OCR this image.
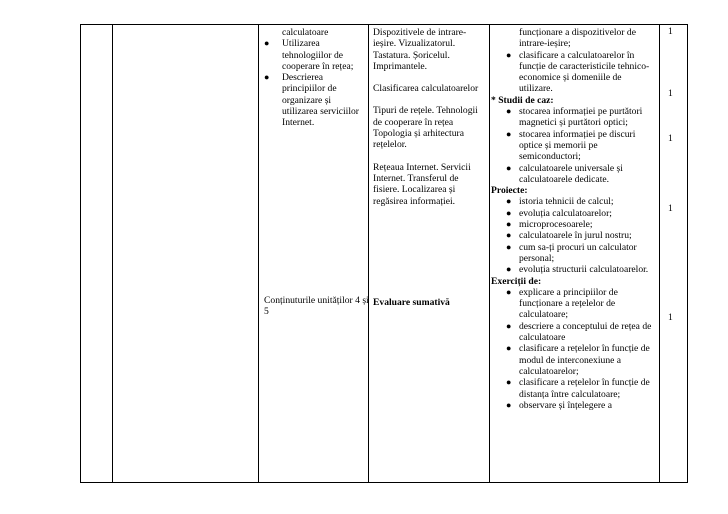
calculatoare
● Utilizarea tehnologiilor de cooperare în rețea;
● Descrierea principiilor de organizare și utilizarea serviciilor Internet.
Conținuturile unităților 4 și 5

Dispozitivele de intrare-ieșire. Vizualizatorul. Tastatura. Șoricelul. Imprimantele.

Clasificarea calculatoarelor

Tipuri de rețele. Tehnologii de cooperare în rețea Topologia și arhitectura rețelelor.

Rețeaua Internet. Servicii Internet. Transferul de fisiere. Localizarea și regăsirea informației.

Evaluare sumativă

funcționare a dispozitivelor de intrare-ieșire;
● clasificare a calculatoarelor în funcție de caracteristicile tehnico-economice și domeniile de utilizare.
* Studii de caz:
● stocarea informației pe purtători magnetici și purtători optici;
● stocarea informației pe discuri optice și memorii pe semiconductori;
● calculatoarele universale și calculatoarele dedicate.
Proiecte:
● istoria tehnicii de calcul;
● evoluția calculatoarelor;
● microprocesoarele;
● calculatoarele în jurul nostru;
● cum sa-ți procuri un calculator personal;
● evoluția structurii calculatoarelor.
Exerciții de:
● explicare a principiilor de funcționare a rețelelor de calculatoare;
● descriere a conceptului de rețea de calculatoare
● clasificare a rețelelor în funcție de modul de interconexiune a calculatoarelor;
● clasificare a rețelelor în funcție de distanța între calculatoare;
● observare și înțelegere a
1
1
1
1
1
